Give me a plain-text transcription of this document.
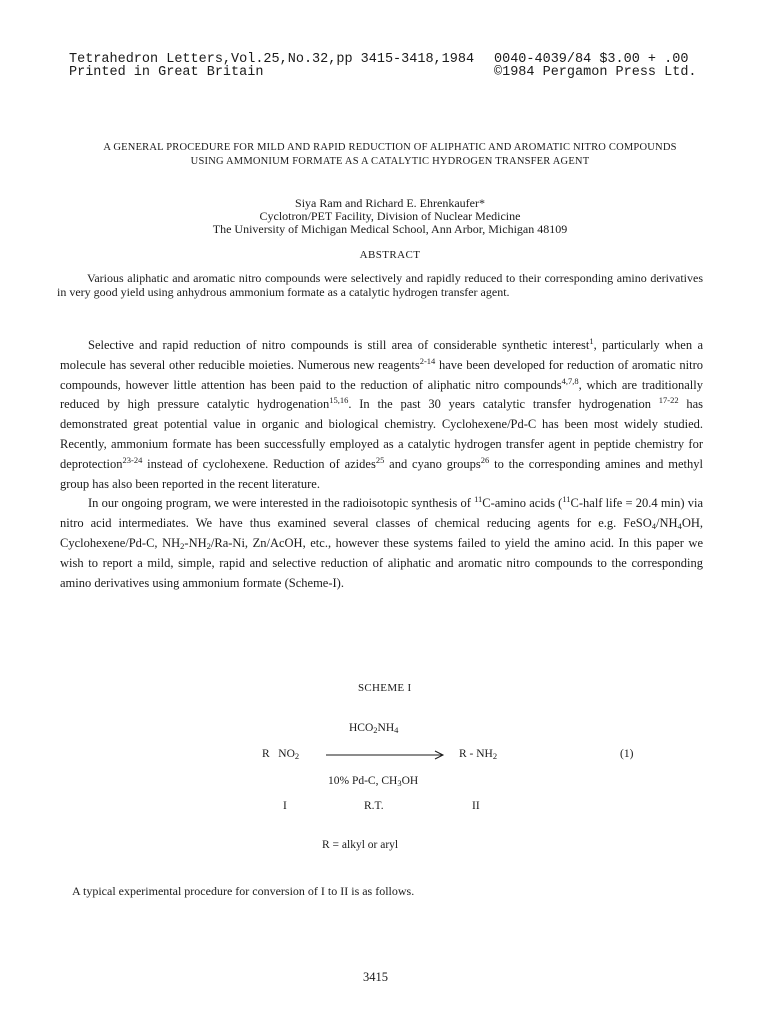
Tetrahedron Letters,Vol.25,No.32,pp 3415-3418,1984
Printed in Great Britain
0040-4039/84 $3.00 + .00
©1984 Pergamon Press Ltd.
A GENERAL PROCEDURE FOR MILD AND RAPID REDUCTION OF ALIPHATIC AND AROMATIC NITRO COMPOUNDS
USING AMMONIUM FORMATE AS A CATALYTIC HYDROGEN TRANSFER AGENT
Siya Ram and Richard E. Ehrenkaufer*
Cyclotron/PET Facility, Division of Nuclear Medicine
The University of Michigan Medical School, Ann Arbor, Michigan 48109
ABSTRACT

Various aliphatic and aromatic nitro compounds were selectively and rapidly reduced to their corresponding amino derivatives in very good yield using anhydrous ammonium formate as a catalytic hydrogen transfer agent.

Selective and rapid reduction of nitro compounds is still area of considerable synthetic interest$^1$, particularly when a molecule has several other reducible moieties. Numerous new reagents$^{2-14}$ have been developed for reduction of aromatic nitro compounds, however little attention has been paid to the reduction of aliphatic nitro compounds$^{4,7,8}$, which are traditionally reduced by high pressure catalytic hydrogenation$^{15,16}$. In the past 30 years catalytic transfer hydrogenation $^{17-22}$ has demonstrated great potential value in organic and biological chemistry. Cyclohexene/Pd-C has been most widely studied. Recently, ammonium formate has been successfully employed as a catalytic hydrogen transfer agent in peptide chemistry for deprotection$^{23-24}$ instead of cyclohexene. Reduction of azides$^{25}$ and cyano groups$^{26}$ to the corresponding amines and methyl group has also been reported in the recent literature.

In our ongoing program, we were interested in the radioisotopic synthesis of $^{11}$C-amino acids ($^{11}$C-half life = 20.4 min) via nitro acid intermediates. We have thus examined several classes of chemical reducing agents for e.g. $FeSO_4/NH_4OH$, Cyclohexene/Pd-C, $NH_2-NH_2/Ra-Ni$, Zn/AcOH, etc., however these systems failed to yield the amino acid. In this paper we wish to report a mild, simple, rapid and selective reduction of aliphatic and aromatic nitro compounds to the corresponding amino derivatives using ammonium formate (Scheme-I).

SCHEME I
$HCO_2NH_4$
R   $NO_2$	R - $NH_2$	(1)
10% Pd-C, $CH_3OH$
I	R.T.	II
R = alkyl or aryl
A typical experimental procedure for conversion of I to II is as follows.
3415
